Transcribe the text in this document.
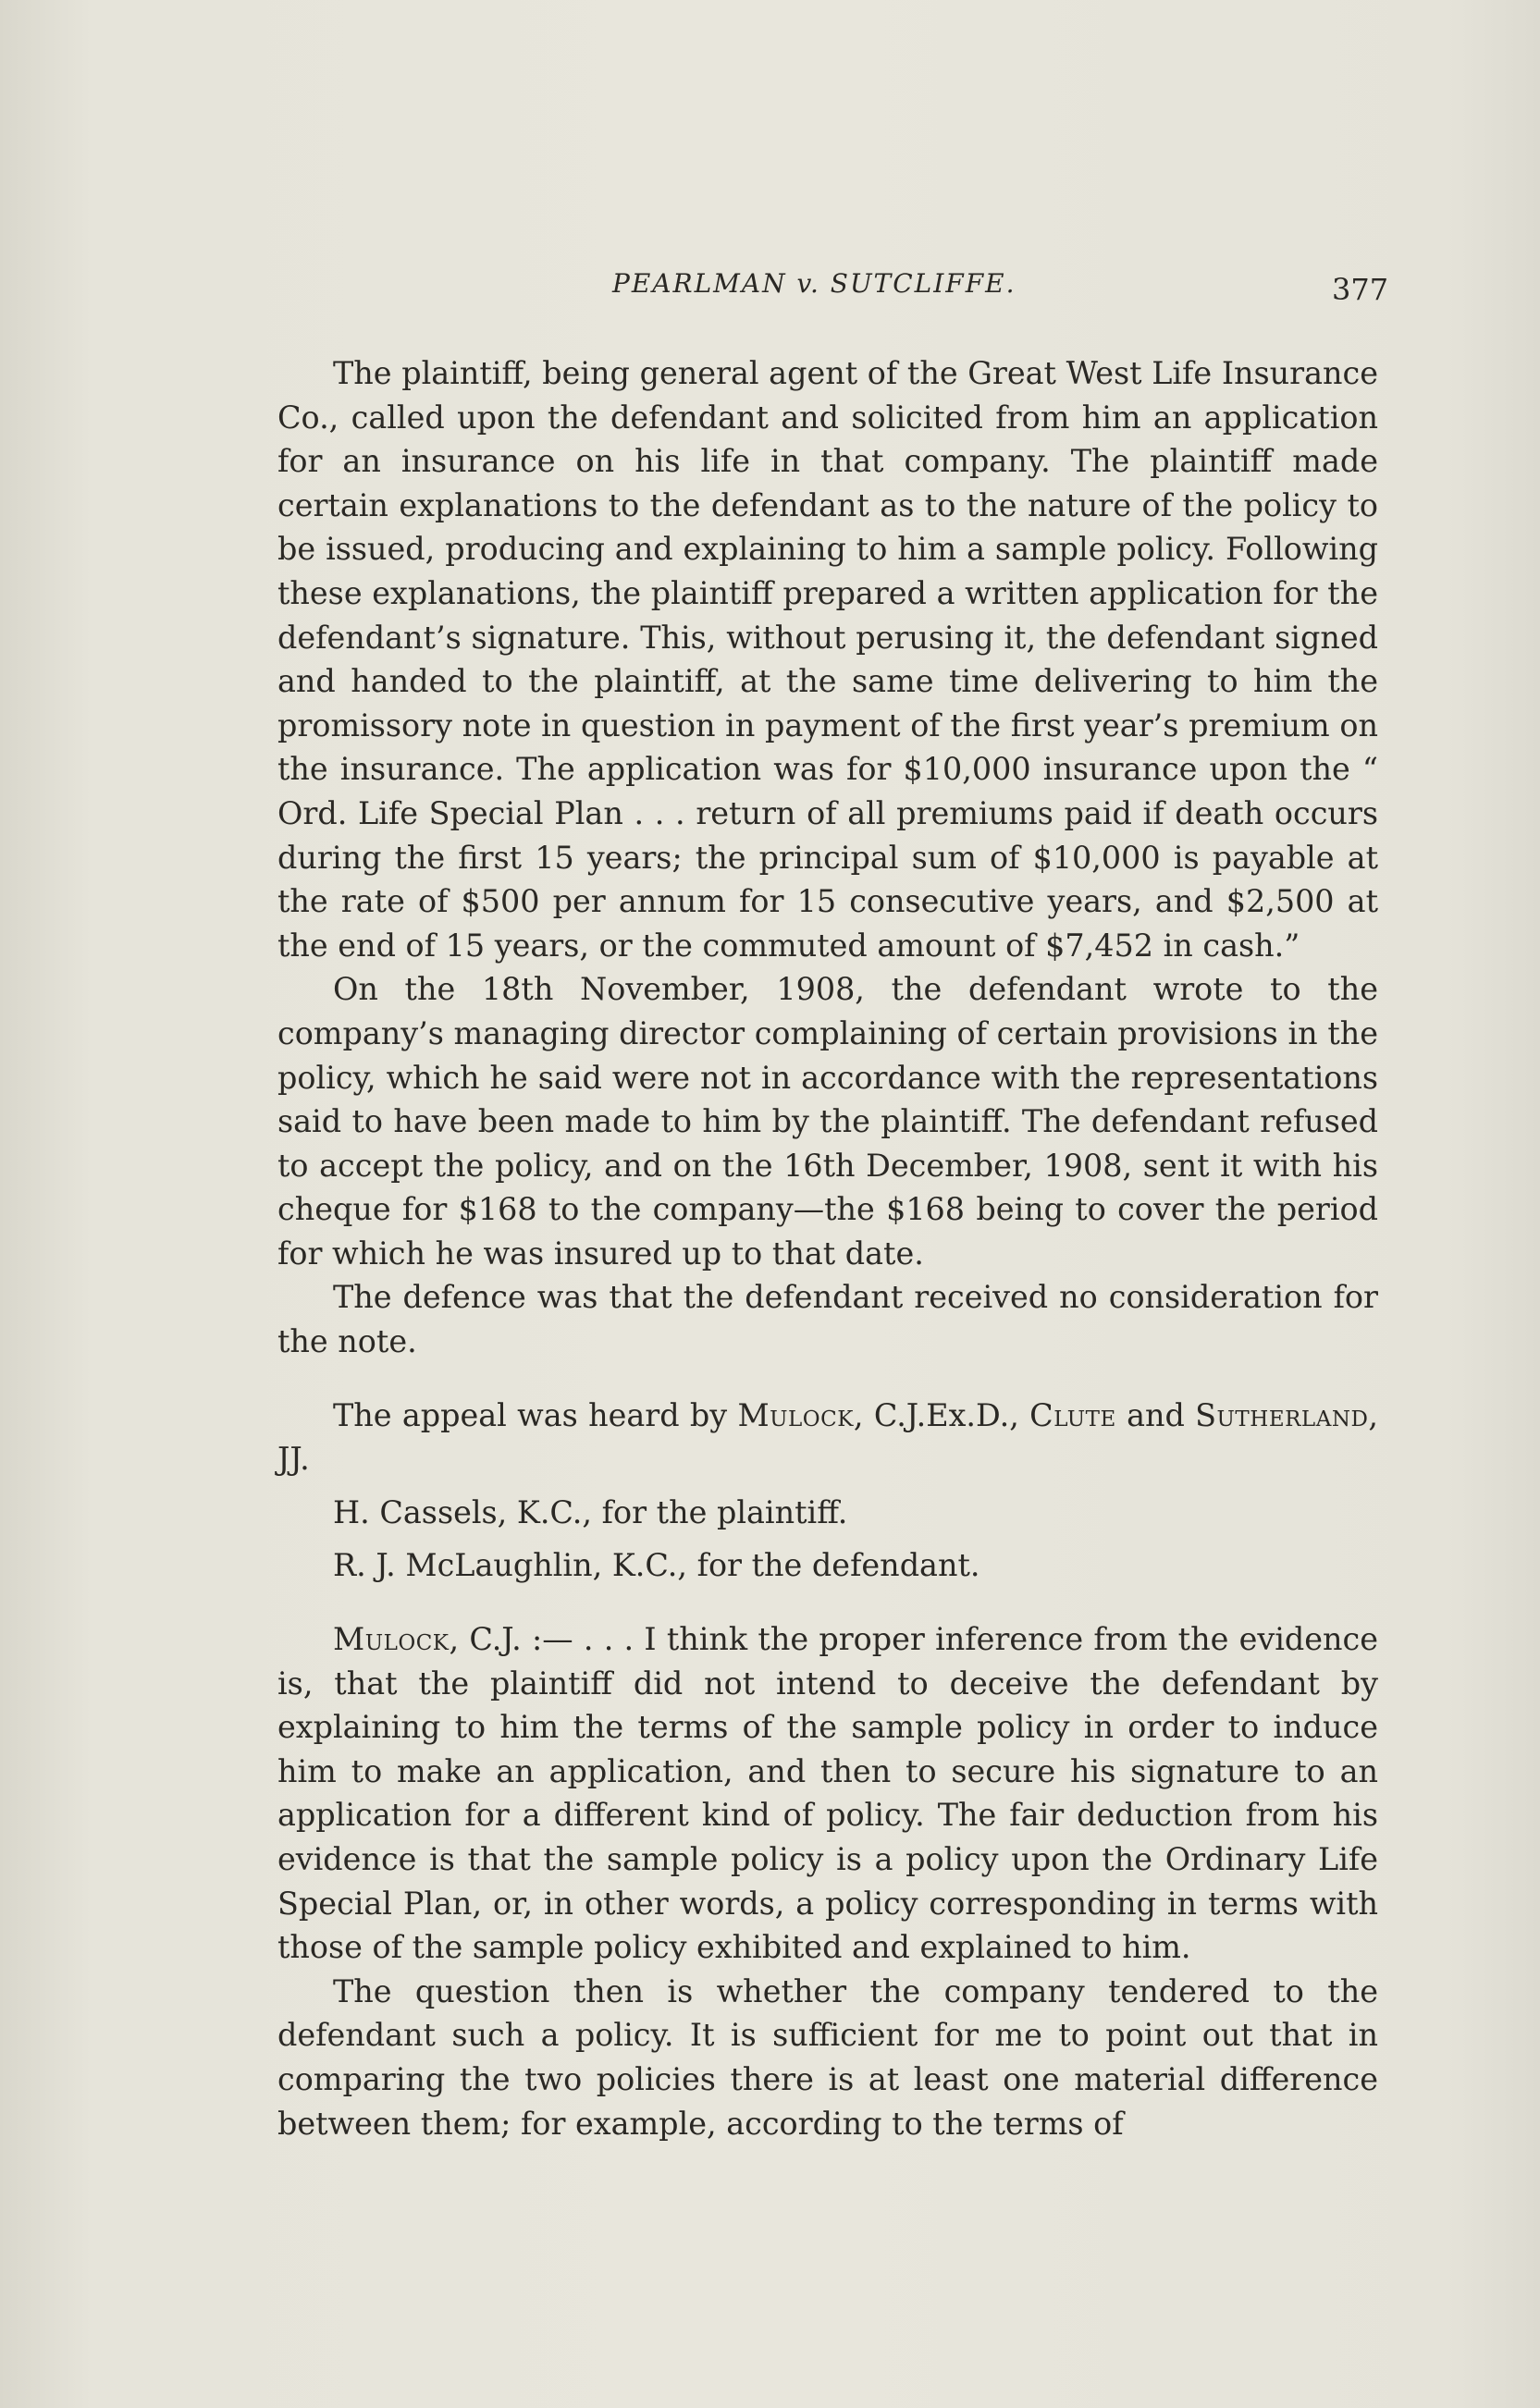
PEARLMAN v. SUTCLIFFE.	377

The plaintiff, being general agent of the Great West Life Insurance Co., called upon the defendant and solicited from him an application for an insurance on his life in that company. The plaintiff made certain explanations to the defendant as to the nature of the policy to be issued, producing and explaining to him a sample policy. Following these explanations, the plaintiff prepared a written application for the defendant’s signature. This, without perusing it, the defendant signed and handed to the plaintiff, at the same time delivering to him the promissory note in question in payment of the first year’s premium on the insurance. The application was for $10,000 insurance upon the “ Ord. Life Special Plan . . . return of all premiums paid if death occurs during the first 15 years; the principal sum of $10,000 is payable at the rate of $500 per annum for 15 consecutive years, and $2,500 at the end of 15 years, or the commuted amount of $7,452 in cash.”

On the 18th November, 1908, the defendant wrote to the company’s managing director complaining of certain provisions in the policy, which he said were not in accordance with the representations said to have been made to him by the plaintiff. The defendant refused to accept the policy, and on the 16th December, 1908, sent it with his cheque for $168 to the company—the $168 being to cover the period for which he was insured up to that date.

The defence was that the defendant received no consideration for the note.

The appeal was heard by Mulock, C.J.Ex.D., Clute and Sutherland, JJ.

H. Cassels, K.C., for the plaintiff.

R. J. McLaughlin, K.C., for the defendant.

Mulock, C.J. :— . . . I think the proper inference from the evidence is, that the plaintiff did not intend to deceive the defendant by explaining to him the terms of the sample policy in order to induce him to make an application, and then to secure his signature to an application for a different kind of policy. The fair deduction from his evidence is that the sample policy is a policy upon the Ordinary Life Special Plan, or, in other words, a policy corresponding in terms with those of the sample policy exhibited and explained to him.

The question then is whether the company tendered to the defendant such a policy. It is sufficient for me to point out that in comparing the two policies there is at least one material difference between them; for example, according to the terms of
